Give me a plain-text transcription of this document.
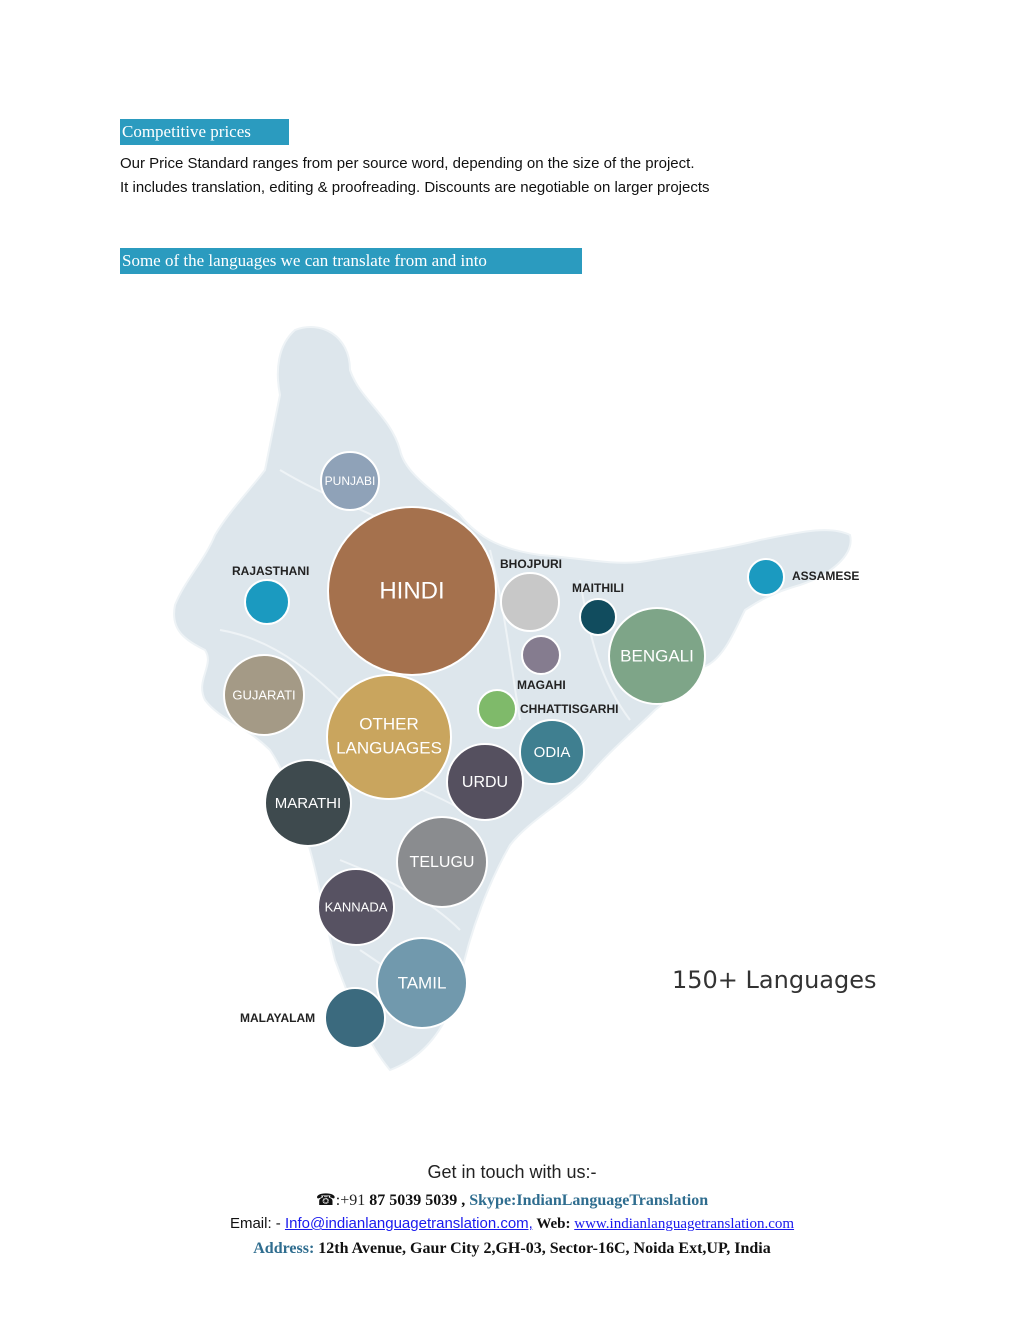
Competitive prices
Our Price Standard ranges from per source word, depending on the size of the project.
It includes translation, editing & proofreading. Discounts are negotiable on larger projects
Some of the languages we can translate from and into
PUNJABI
HINDI
RAJASTHANI	BHOJPURI
MAITHILI
ASSAMESE
MAGAHI
BENGALI
GUJARATI
OTHER
LANGUAGES
CHHATTISGARHI
ODIA
URDU
MARATHI
TELUGU
KANNADA
TAMIL
MALAYALAM
150+ Languages
Get in touch with us:-
☎:+91 87 5039 5039 , Skype:IndianLanguageTranslation
Email: - Info@indianlanguagetranslation.com, Web: www.indianlanguagetranslation.com
Address: 12th Avenue, Gaur City 2,GH-03, Sector-16C, Noida Ext,UP, India
